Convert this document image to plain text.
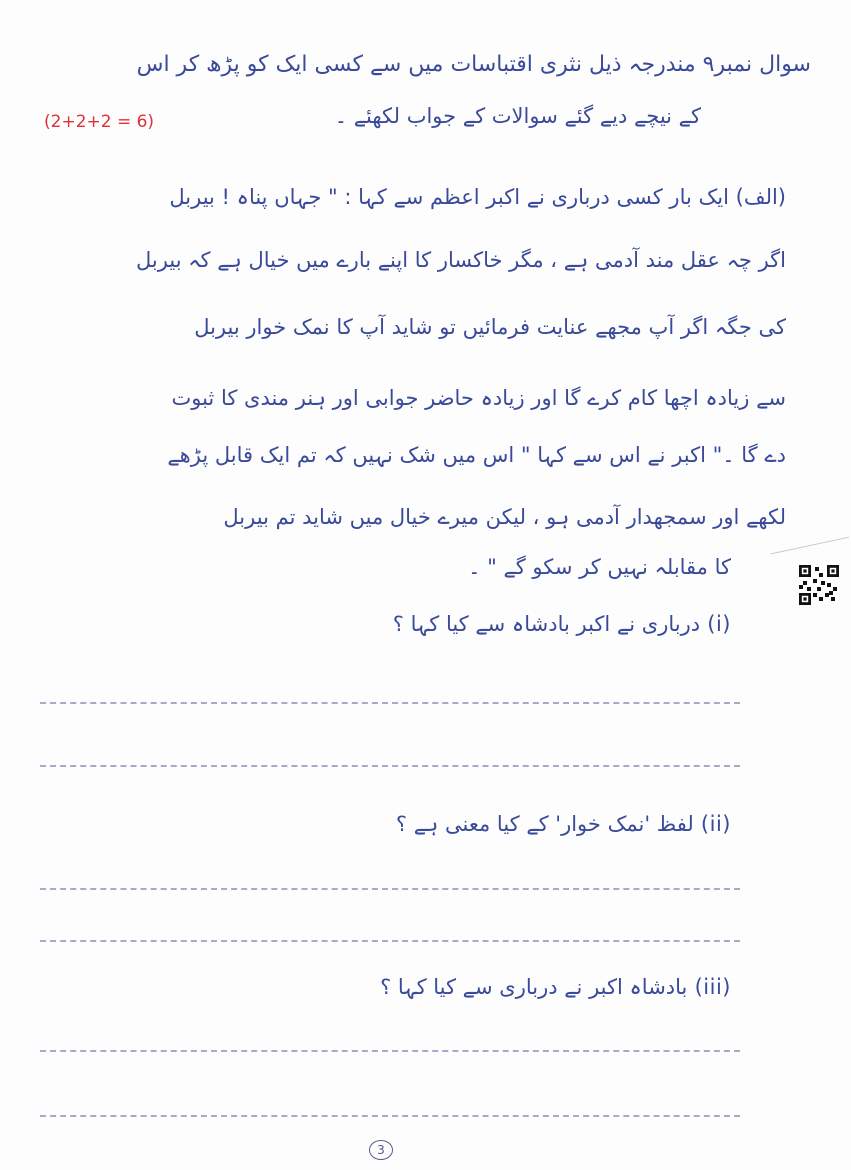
سوال نمبر۹ مندرجہ ذیل نثری اقتباسات میں سے کسی ایک کو پڑھ کر اس
کے نیچے دیے گئے سوالات کے جواب لکھئے ۔
(2+2+2 = 6)
(الف) ایک بار کسی درباری نے اکبر اعظم سے کہا : " جہاں پناہ ! بیربل
اگر چہ عقل مند آدمی ہے ، مگر خاکسار کا اپنے بارے میں خیال ہے کہ بیربل
کی جگہ اگر آپ مجھے عنایت فرمائیں تو شاید آپ کا نمک خوار بیربل
سے زیادہ اچھا کام کرے گا اور زیادہ حاضر جوابی اور ہنر مندی کا ثبوت
دے گا ۔" اکبر نے اس سے کہا " اس میں شک نہیں کہ تم ایک قابل پڑھے
لکھے اور سمجھدار آدمی ہو ، لیکن میرے خیال میں شاید تم بیربل
کا مقابلہ نہیں کر سکو گے " ۔
(i) درباری نے اکبر بادشاہ سے کیا کہا ؟
(ii) لفظ 'نمک خوار' کے کیا معنی ہے ؟
(iii) بادشاہ اکبر نے درباری سے کیا کہا ؟
3
